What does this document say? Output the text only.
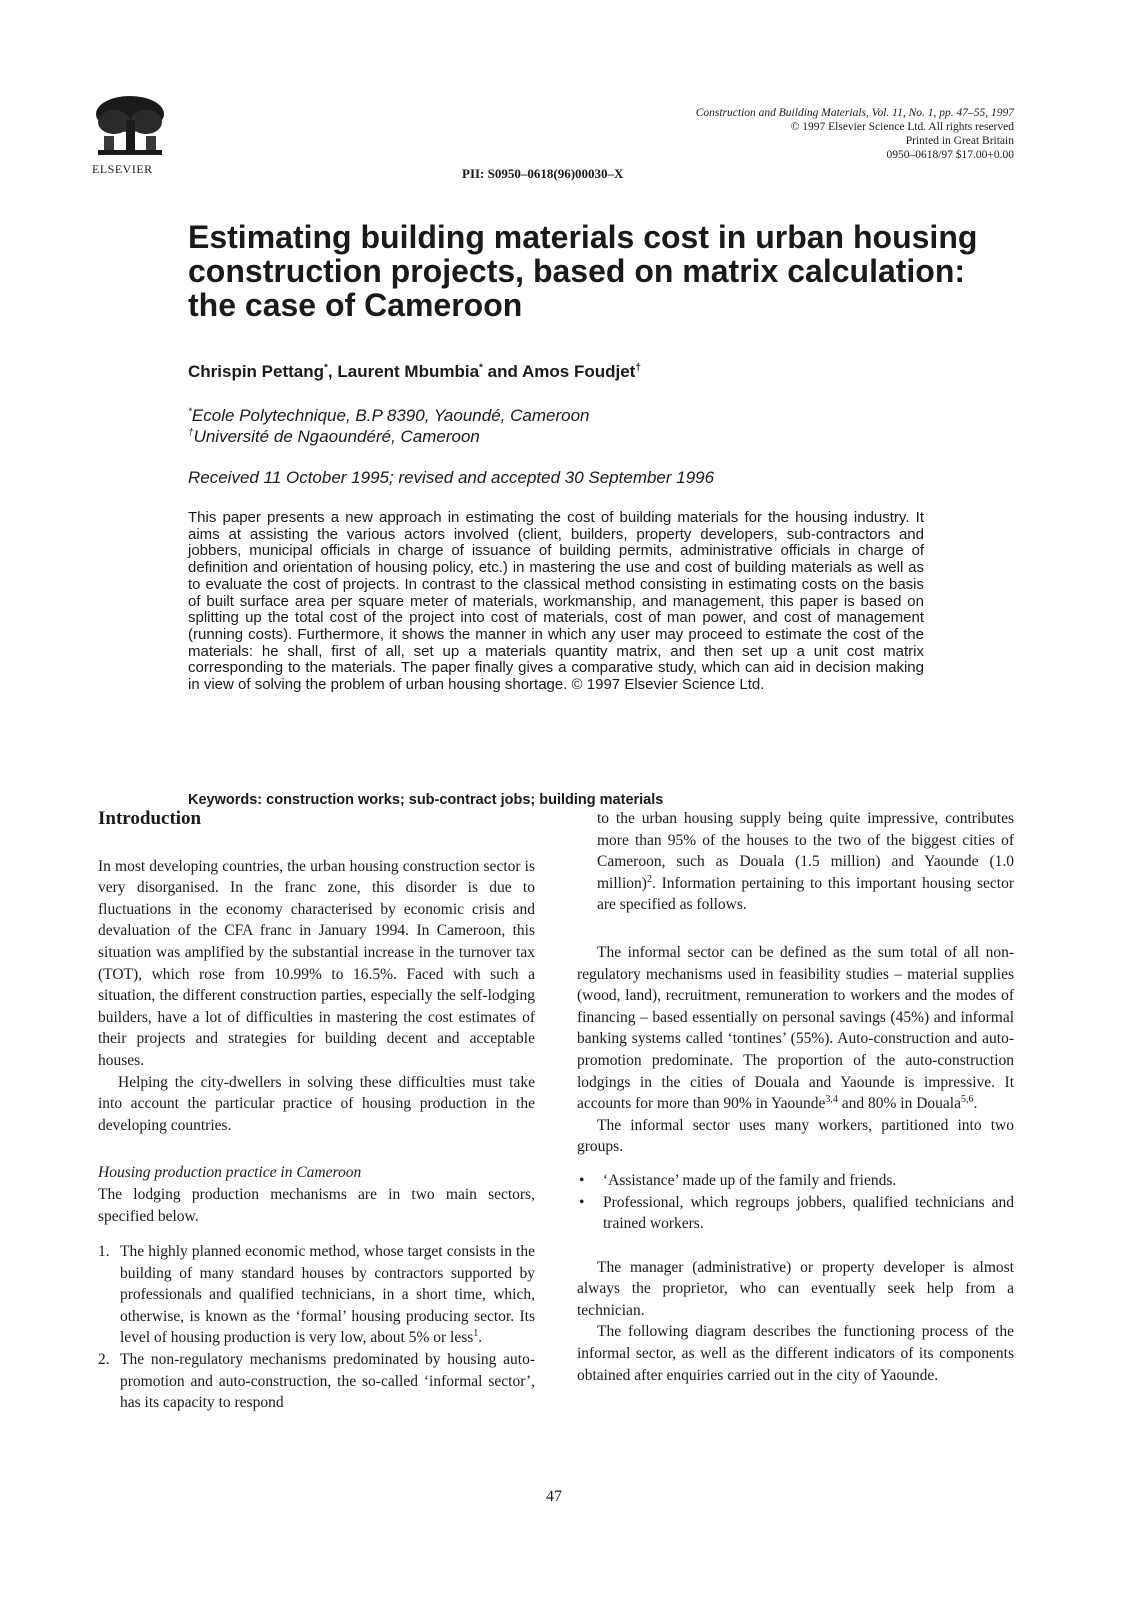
ELSEVIER
Construction and Building Materials, Vol. 11, No. 1, pp. 47–55, 1997
© 1997 Elsevier Science Ltd. All rights reserved
Printed in Great Britain
0950–0618/97 $17.00+0.00
PII: S0950–0618(96)00030–X
Estimating building materials cost in urban housing construction projects, based on matrix calculation: the case of Cameroon
Chrispin Pettang*, Laurent Mbumbia* and Amos Foudjet†
*Ecole Polytechnique, B.P 8390, Yaoundé, Cameroon
†Université de Ngaoundéré, Cameroon
Received 11 October 1995; revised and accepted 30 September 1996
This paper presents a new approach in estimating the cost of building materials for the housing industry. It aims at assisting the various actors involved (client, builders, property developers, sub-contractors and jobbers, municipal officials in charge of issuance of building permits, administrative officials in charge of definition and orientation of housing policy, etc.) in mastering the use and cost of building materials as well as to evaluate the cost of projects. In contrast to the classical method consisting in estimating costs on the basis of built surface area per square meter of materials, workmanship, and management, this paper is based on splitting up the total cost of the project into cost of materials, cost of man power, and cost of management (running costs). Furthermore, it shows the manner in which any user may proceed to estimate the cost of the materials: he shall, first of all, set up a materials quantity matrix, and then set up a unit cost matrix corresponding to the materials. The paper finally gives a comparative study, which can aid in decision making in view of solving the problem of urban housing shortage. © 1997 Elsevier Science Ltd.
Keywords: construction works; sub-contract jobs; building materials
Introduction

In most developing countries, the urban housing construction sector is very disorganised. In the franc zone, this disorder is due to fluctuations in the economy characterised by economic crisis and devaluation of the CFA franc in January 1994. In Cameroon, this situation was amplified by the substantial increase in the turnover tax (TOT), which rose from 10.99% to 16.5%. Faced with such a situation, the different construction parties, especially the self-lodging builders, have a lot of difficulties in mastering the cost estimates of their projects and strategies for building decent and acceptable houses.

Helping the city-dwellers in solving these difficulties must take into account the particular practice of housing production in the developing countries.

Housing production practice in Cameroon

The lodging production mechanisms are in two main sectors, specified below.

1. The highly planned economic method, whose target consists in the building of many standard houses by contractors supported by professionals and qualified technicians, in a short time, which, otherwise, is known as the ‘formal’ housing producing sector. Its level of housing production is very low, about 5% or less$^1$.
2. The non-regulatory mechanisms predominated by housing auto-promotion and auto-construction, the so-called ‘informal sector’, has its capacity to respond

to the urban housing supply being quite impressive, contributes more than 95% of the houses to the two of the biggest cities of Cameroon, such as Douala (1.5 million) and Yaounde (1.0 million)$^2$. Information pertaining to this important housing sector are specified as follows.

The informal sector can be defined as the sum total of all non-regulatory mechanisms used in feasibility studies – material supplies (wood, land), recruitment, remuneration to workers and the modes of financing – based essentially on personal savings (45%) and informal banking systems called ‘tontines’ (55%). Auto-construction and auto-promotion predominate. The proportion of the auto-construction lodgings in the cities of Douala and Yaounde is impressive. It accounts for more than 90% in Yaounde$^{3,4}$ and 80% in Douala$^{5,6}$.

The informal sector uses many workers, partitioned into two groups.

• ‘Assistance’ made up of the family and friends.
• Professional, which regroups jobbers, qualified technicians and trained workers.

The manager (administrative) or property developer is almost always the proprietor, who can eventually seek help from a technician.

The following diagram describes the functioning process of the informal sector, as well as the different indicators of its components obtained after enquiries carried out in the city of Yaounde.

47
